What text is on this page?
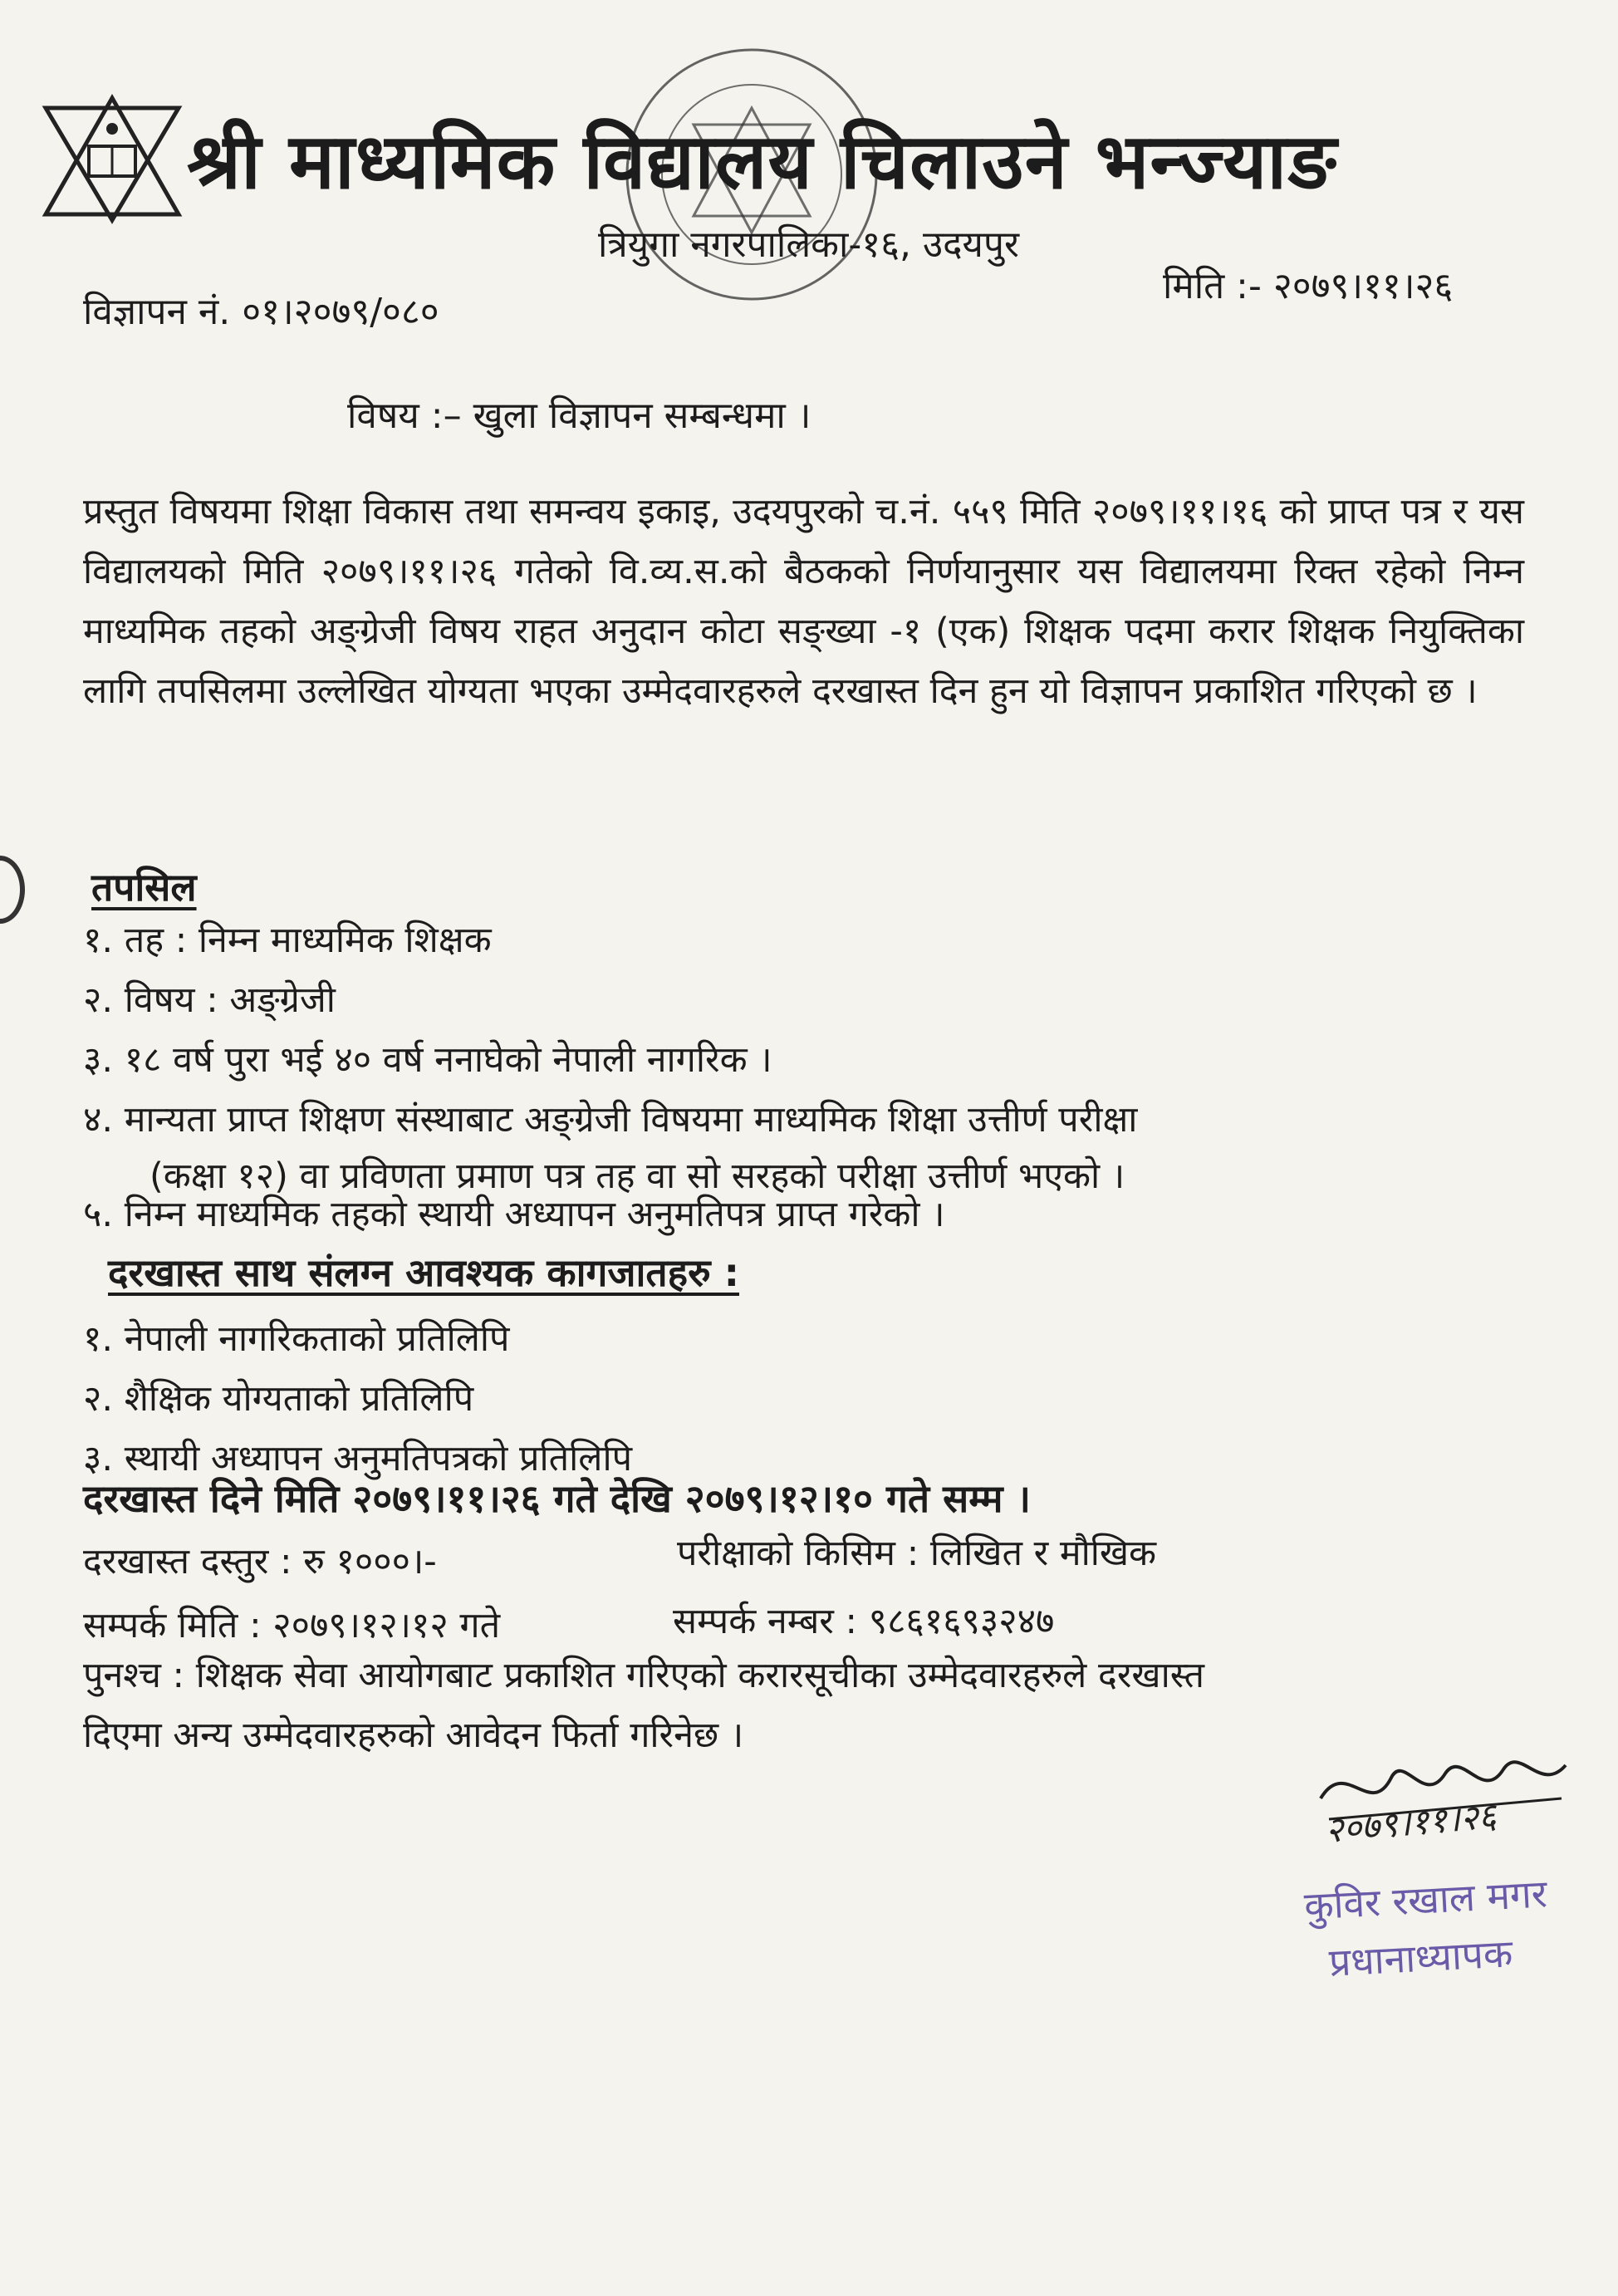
श्री माध्यमिक विद्यालय चिलाउने भन्ज्याङ
त्रियुगा नगरपालिका-१६, उदयपुर
मिति :- २०७९।११।२६
विज्ञापन नं. ०१।२०७९/०८०
विषय :– खुला विज्ञापन सम्बन्धमा ।
प्रस्तुत विषयमा शिक्षा विकास तथा समन्वय इकाइ, उदयपुरको च.नं. ५५९ मिति २०७९।११।१६ को प्राप्त पत्र र यस विद्यालयको मिति २०७९।११।२६ गतेको वि.व्य.स.को बैठकको निर्णयानुसार यस विद्यालयमा रिक्त रहेको निम्न माध्यमिक तहको अङ्ग्रेजी विषय राहत अनुदान कोटा सङ्ख्या -१ (एक) शिक्षक पदमा करार शिक्षक नियुक्तिका लागि तपसिलमा उल्लेखित योग्यता भएका उम्मेदवारहरुले दरखास्त दिन हुन यो विज्ञापन प्रकाशित गरिएको छ ।
तपसिल
१. तह : निम्न माध्यमिक शिक्षक
२. विषय : अङ्ग्रेजी
३. १८ वर्ष पुरा भई ४० वर्ष ननाघेको नेपाली नागरिक ।
४. मान्यता प्राप्त शिक्षण संस्थाबाट अङ्ग्रेजी विषयमा माध्यमिक शिक्षा उत्तीर्ण परीक्षा
(कक्षा १२) वा प्रविणता प्रमाण पत्र तह वा सो सरहको परीक्षा उत्तीर्ण भएको ।
५. निम्न माध्यमिक तहको स्थायी अध्यापन अनुमतिपत्र प्राप्त गरेको ।
दरखास्त साथ संलग्न आवश्यक कागजातहरु :
१. नेपाली नागरिकताको प्रतिलिपि
२. शैक्षिक योग्यताको प्रतिलिपि
३. स्थायी अध्यापन अनुमतिपत्रको प्रतिलिपि
दरखास्त दिने मिति २०७९।११।२६ गते देखि २०७९।१२।१० गते सम्म ।
दरखास्त दस्तुर : रु १०००।-	परीक्षाको किसिम : लिखित र मौखिक
सम्पर्क मिति : २०७९।१२।१२ गते	सम्पर्क नम्बर : ९८६१६९३२४७
पुनश्च : शिक्षक सेवा आयोगबाट प्रकाशित गरिएको करारसूचीका उम्मेदवारहरुले दरखास्त
दिएमा अन्य उम्मेदवारहरुको आवेदन फिर्ता गरिनेछ ।
२०७९।११।२६
कुविर रखाल मगर
प्रधानाध्यापक
